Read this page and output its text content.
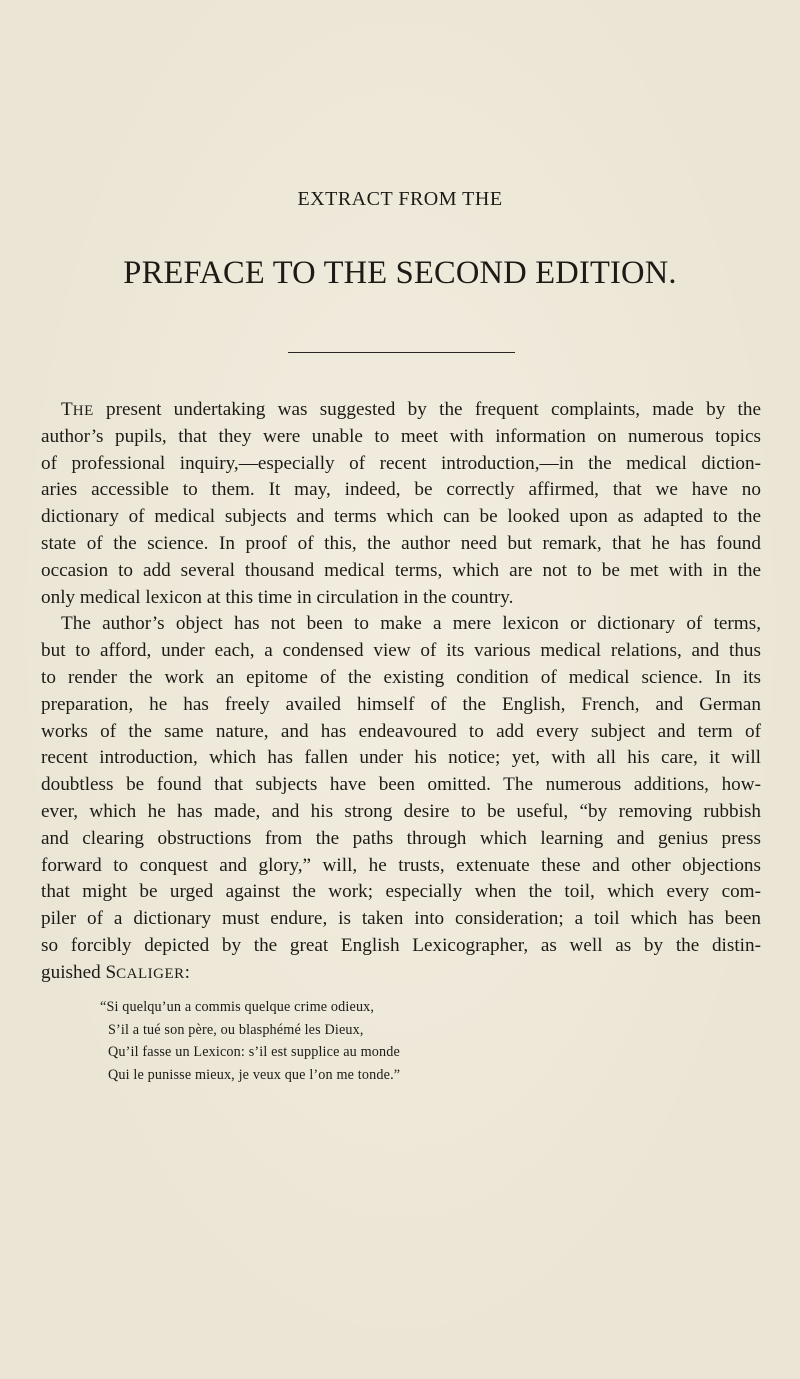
EXTRACT FROM THE
PREFACE TO THE SECOND EDITION.
THE present undertaking was suggested by the frequent complaints, made by the
author’s pupils, that they were unable to meet with information on numerous topics
of professional inquiry,—especially of recent introduction,—in the medical diction-
aries accessible to them. It may, indeed, be correctly affirmed, that we have no
dictionary of medical subjects and terms which can be looked upon as adapted to the
state of the science. In proof of this, the author need but remark, that he has found
occasion to add several thousand medical terms, which are not to be met with in the
only medical lexicon at this time in circulation in the country.
The author’s object has not been to make a mere lexicon or dictionary of terms,
but to afford, under each, a condensed view of its various medical relations, and thus
to render the work an epitome of the existing condition of medical science. In its
preparation, he has freely availed himself of the English, French, and German
works of the same nature, and has endeavoured to add every subject and term of
recent introduction, which has fallen under his notice; yet, with all his care, it will
doubtless be found that subjects have been omitted. The numerous additions, how-
ever, which he has made, and his strong desire to be useful, “by removing rubbish
and clearing obstructions from the paths through which learning and genius press
forward to conquest and glory,” will, he trusts, extenuate these and other objections
that might be urged against the work; especially when the toil, which every com-
piler of a dictionary must endure, is taken into consideration; a toil which has been
so forcibly depicted by the great English Lexicographer, as well as by the distin-
guished SCALIGER:
“Si quelqu’un a commis quelque crime odieux,
S’il a tué son père, ou blasphémé les Dieux,
Qu’il fasse un Lexicon: s’il est supplice au monde
Qui le punisse mieux, je veux que l’on me tonde.”
